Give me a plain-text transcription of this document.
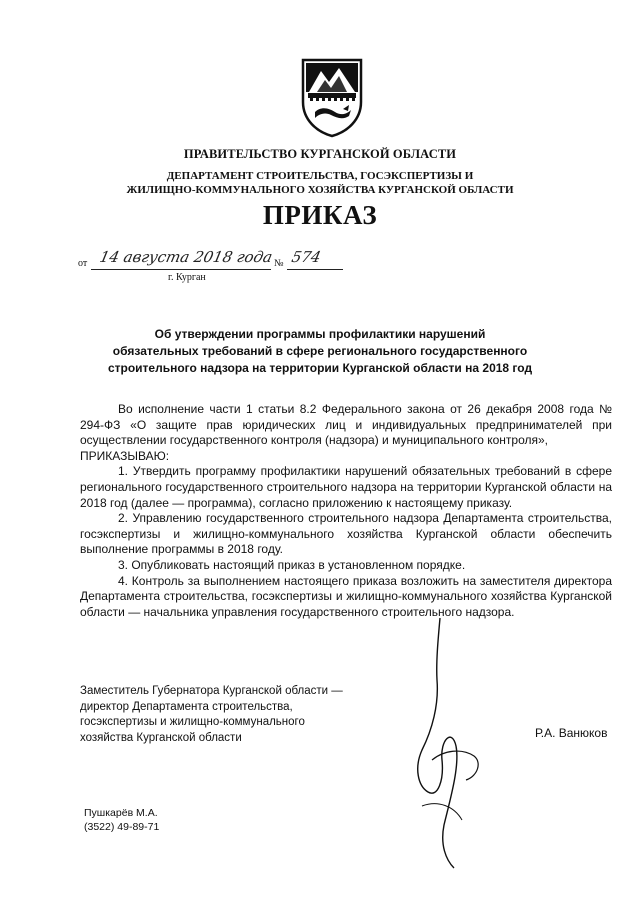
ПРАВИТЕЛЬСТВО КУРГАНСКОЙ ОБЛАСТИ
ДЕПАРТАМЕНТ СТРОИТЕЛЬСТВА, ГОСЭКСПЕРТИЗЫ И
ЖИЛИЩНО-КОММУНАЛЬНОГО ХОЗЯЙСТВА КУРГАНСКОЙ ОБЛАСТИ
ПРИКАЗ
от 14 августа 2018 года № 574
г. Курган
Об утверждении программы профилактики нарушений
обязательных требований в сфере регионального государственного
строительного надзора на территории Курганской области на 2018 год

Во исполнение части 1 статьи 8.2 Федерального закона от 26 декабря 2008 года № 294-ФЗ «О защите прав юридических лиц и индивидуальных предпринимателей при осуществлении государственного контроля (надзора) и муниципального контроля»,

ПРИКАЗЫВАЮ:

1. Утвердить программу профилактики нарушений обязательных требований в сфере регионального государственного строительного надзора на территории Курганской области на 2018 год (далее — программа), согласно приложению к настоящему приказу.

2. Управлению государственного строительного надзора Департамента строительства, госэкспертизы и жилищно-коммунального хозяйства Курганской области обеспечить выполнение программы в 2018 году.

3. Опубликовать настоящий приказ в установленном порядке.

4. Контроль за выполнением настоящего приказа возложить на заместителя директора Департамента строительства, госэкспертизы и жилищно-коммунального хозяйства Курганской области — начальника управления государственного строительного надзора.

Заместитель Губернатора Курганской области —
директор Департамента строительства,
госэкспертизы и жилищно-коммунального
хозяйства Курганской области	Р.А. Ванюков
Пушкарёв М.А.
(3522) 49-89-71
